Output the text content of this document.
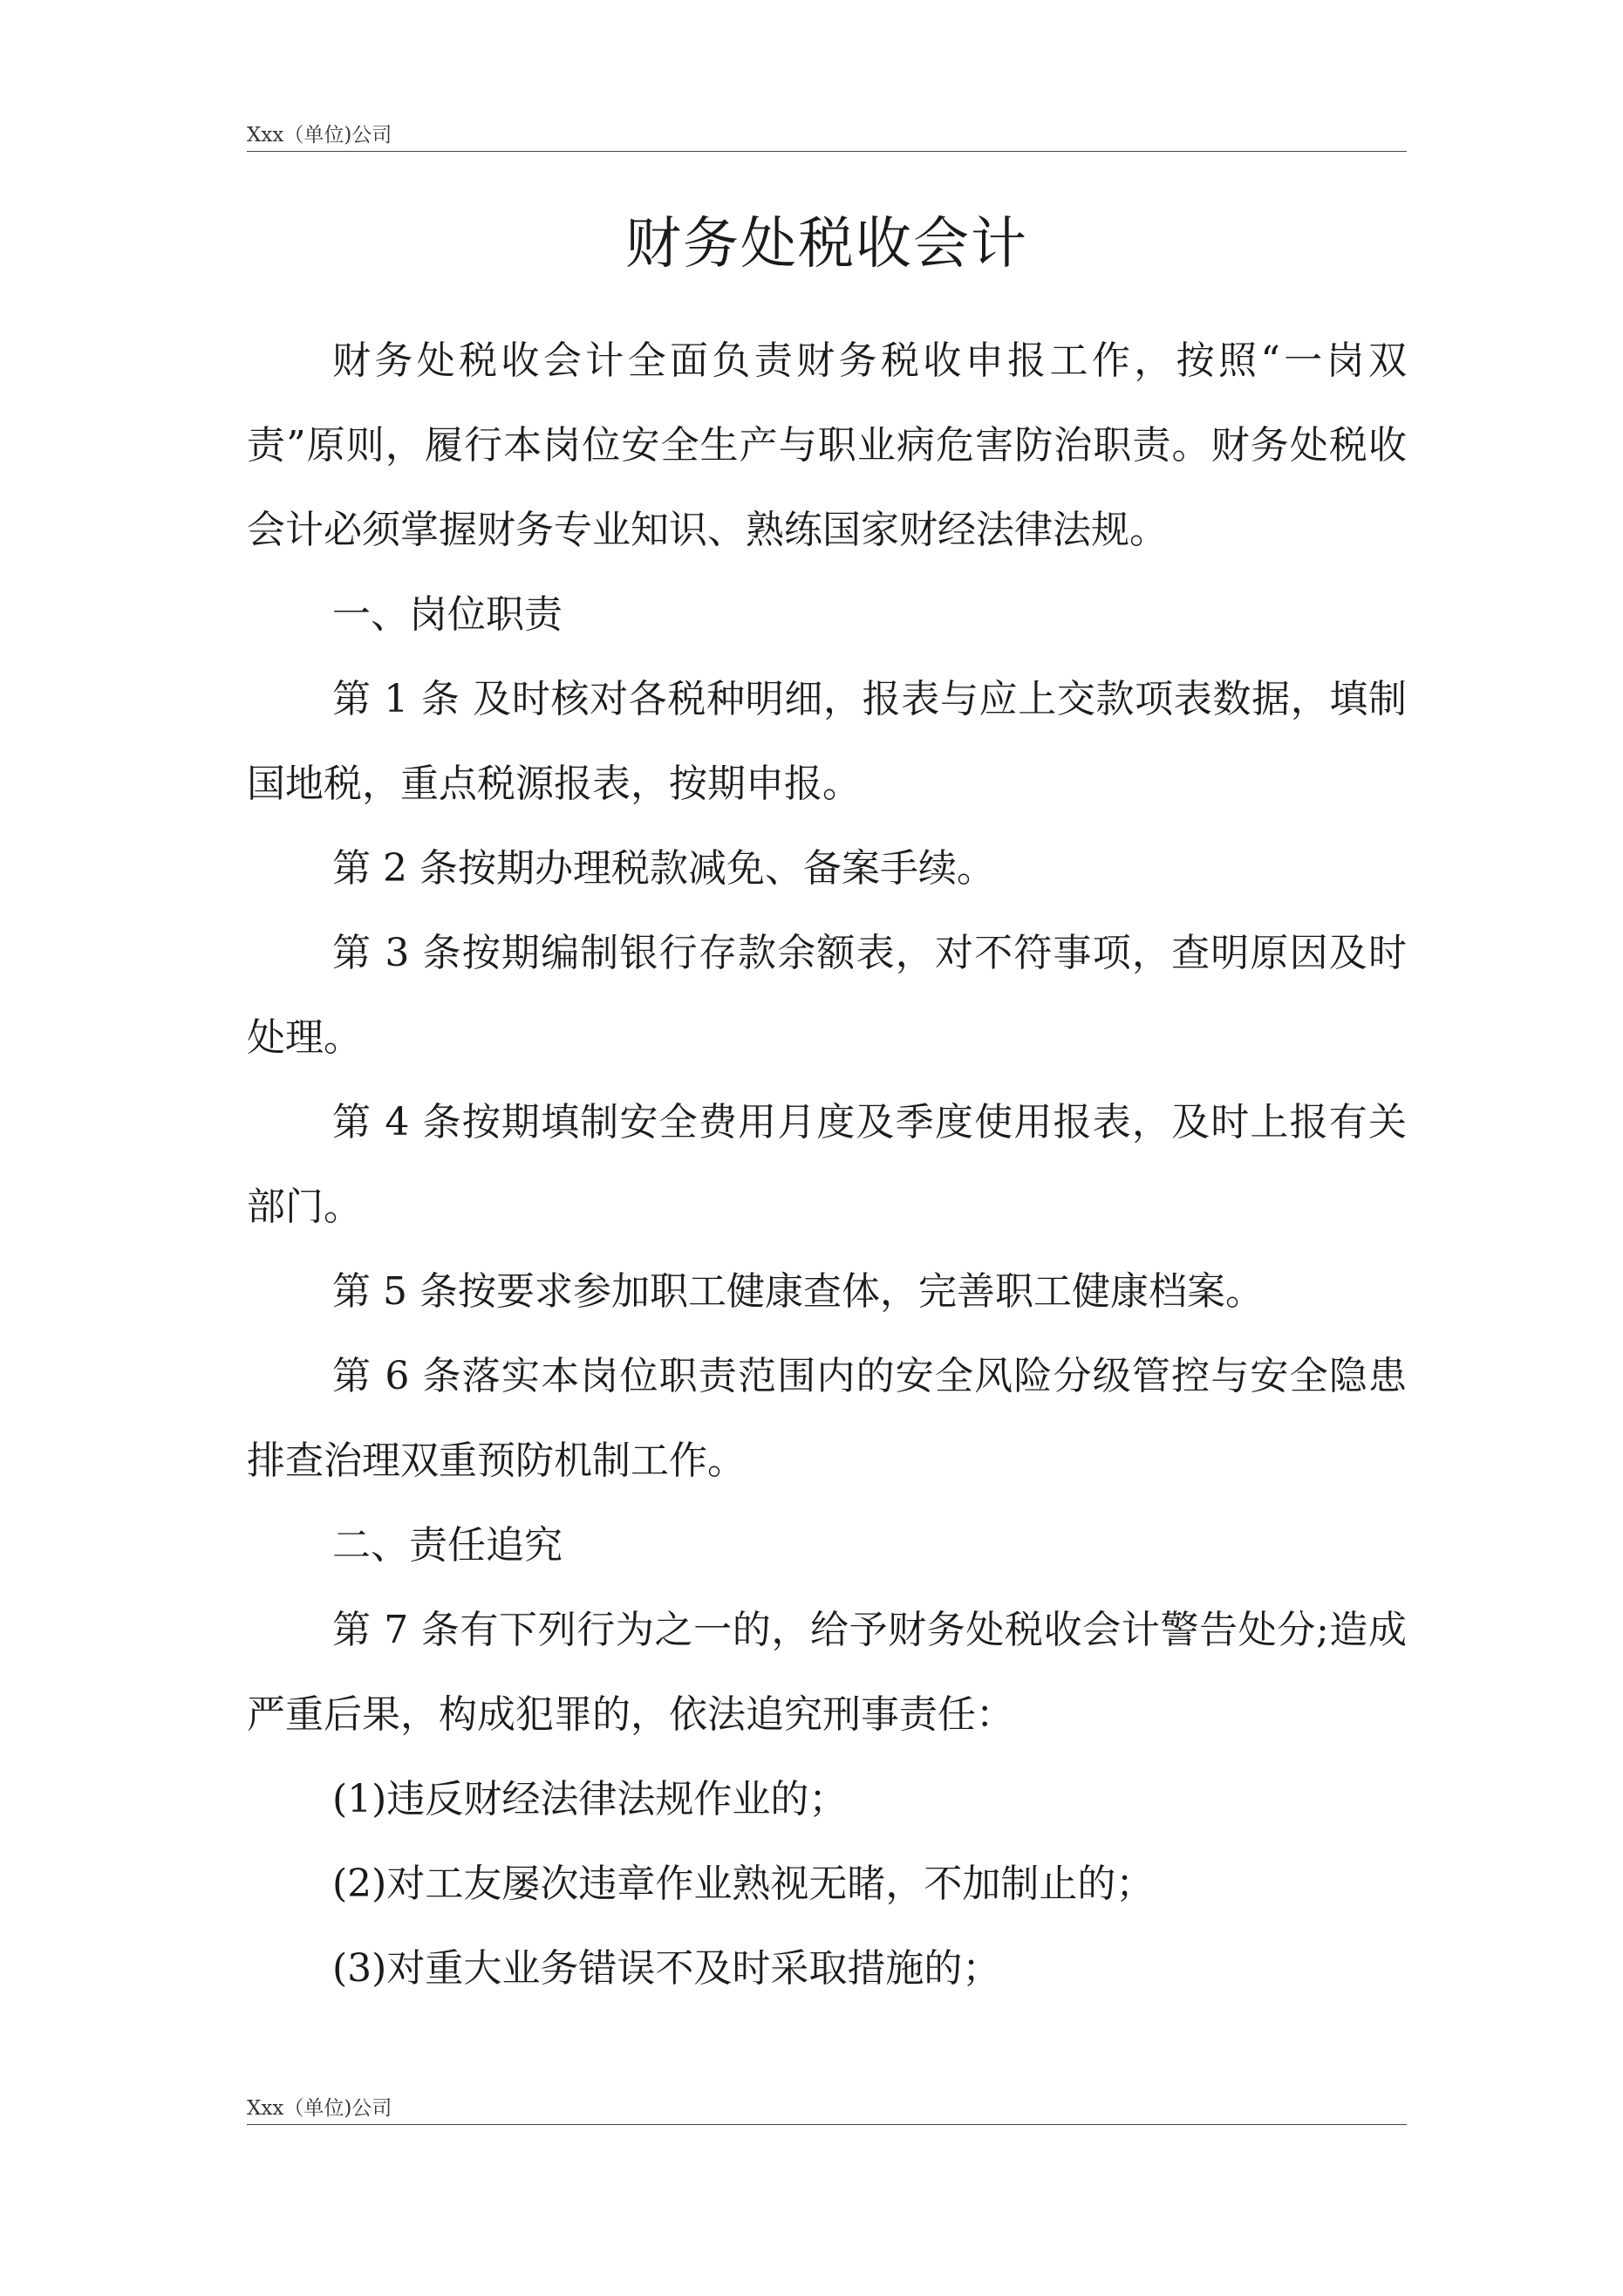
Xxx（单位)公司
财务处税收会计

财务处税收会计全面负责财务税收申报工作，按照“一岗双责”原则，履行本岗位安全生产与职业病危害防治职责。财务处税收会计必须掌握财务专业知识、熟练国家财经法律法规。

一、岗位职责

第 1 条 及时核对各税种明细，报表与应上交款项表数据，填制国地税，重点税源报表，按期申报。

第 2 条按期办理税款减免、备案手续。

第 3 条按期编制银行存款余额表，对不符事项，查明原因及时处理。

第 4 条按期填制安全费用月度及季度使用报表，及时上报有关部门。

第 5 条按要求参加职工健康查体，完善职工健康档案。

第 6 条落实本岗位职责范围内的安全风险分级管控与安全隐患排查治理双重预防机制工作。

二、责任追究

第 7 条有下列行为之一的，给予财务处税收会计警告处分;造成严重后果，构成犯罪的，依法追究刑事责任：

(1)违反财经法律法规作业的；

(2)对工友屡次违章作业熟视无睹，不加制止的；

(3)对重大业务错误不及时采取措施的；

Xxx（单位)公司
